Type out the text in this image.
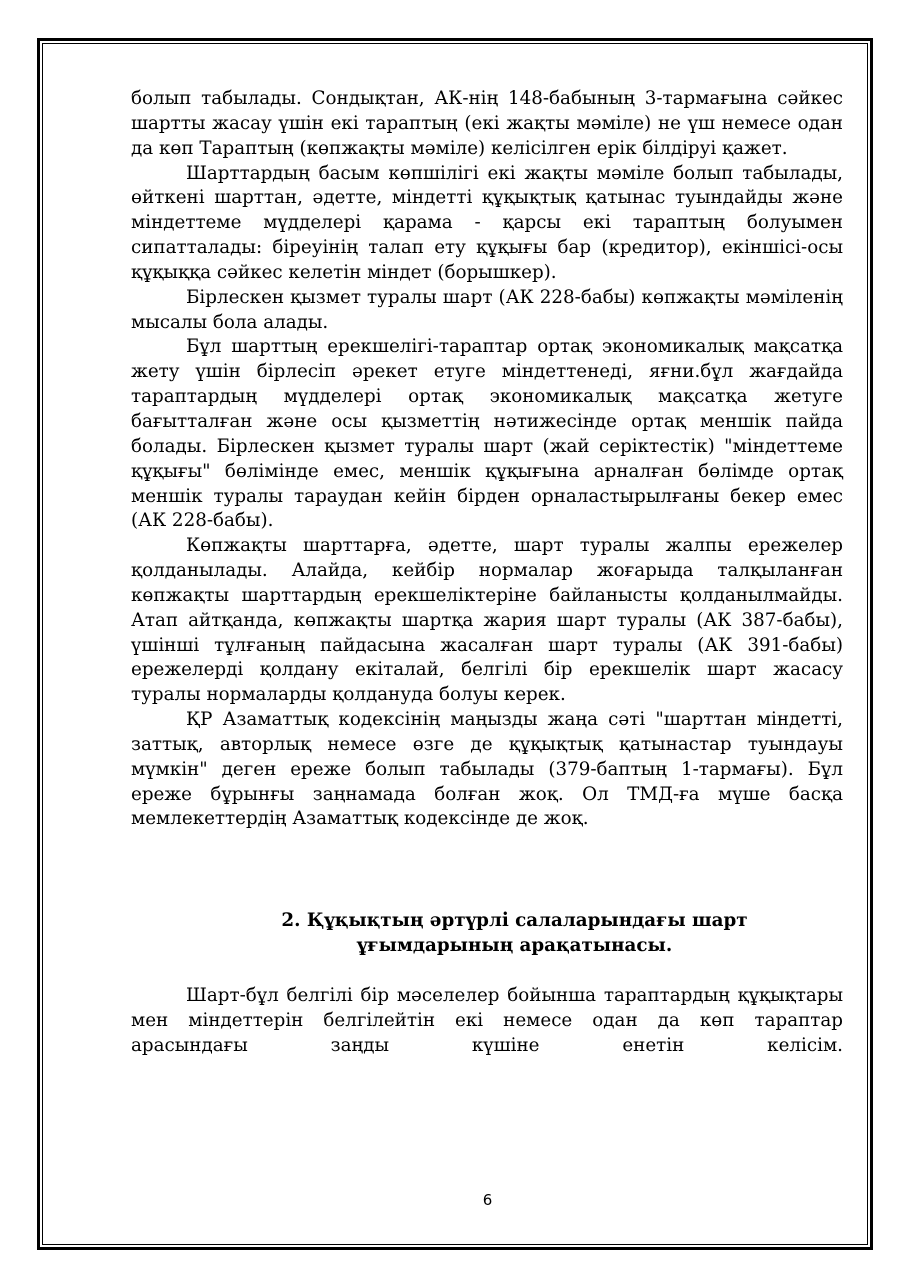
болып табылады. Сондықтан, АК-нің 148-бабының 3-тармағына сәйкес шартты жасау үшін екі тараптың (екі жақты мәміле) не үш немесе одан да көп Тараптың (көпжақты мәміле) келісілген ерік білдіруі қажет.

Шарттардың басым көпшілігі екі жақты мәміле болып табылады, өйткені шарттан, әдетте, міндетті құқықтық қатынас туындайды және міндеттеме мүдделері қарама - қарсы екі тараптың болуымен сипатталады: біреуінің талап ету құқығы бар (кредитор), екіншісі-осы құқыққа сәйкес келетін міндет (борышкер).

Бірлескен қызмет туралы шарт (АК 228-бабы) көпжақты мәміленің мысалы бола алады.

Бұл шарттың ерекшелігі-тараптар ортақ экономикалық мақсатқа жету үшін бірлесіп әрекет етуге міндеттенеді, яғни.бұл жағдайда тараптардың мүдделері ортақ экономикалық мақсатқа жетуге бағытталған және осы қызметтің нәтижесінде ортақ меншік пайда болады. Бірлескен қызмет туралы шарт (жай серіктестік) "міндеттеме құқығы" бөлімінде емес, меншік құқығына арналған бөлімде ортақ меншік туралы тараудан кейін бірден орналастырылғаны бекер емес (АК 228-бабы).

Көпжақты шарттарға, әдетте, шарт туралы жалпы ережелер қолданылады. Алайда, кейбір нормалар жоғарыда талқыланған көпжақты шарттардың ерекшеліктеріне байланысты қолданылмайды. Атап айтқанда, көпжақты шартқа жария шарт туралы (АК 387-бабы), үшінші тұлғаның пайдасына жасалған шарт туралы (АК 391-бабы) ережелерді қолдану екіталай, белгілі бір ерекшелік шарт жасасу туралы нормаларды қолдануда болуы керек.

ҚР Азаматтық кодексінің маңызды жаңа сәті "шарттан міндетті, заттық, авторлық немесе өзге де құқықтық қатынастар туындауы мүмкін" деген ереже болып табылады (379-баптың 1-тармағы). Бұл ереже бұрынғы заңнамада болған жоқ. Ол ТМД-ға мүше басқа мемлекеттердің Азаматтық кодексінде де жоқ.

2. Құқықтың әртүрлі салаларындағы шарт
ұғымдарының арақатынасы.

Шарт-бұл белгілі бір мәселелер бойынша тараптардың құқықтары мен міндеттерін белгілейтін екі немесе одан да көп тараптар арасындағы заңды күшіне енетін келісім.

6
